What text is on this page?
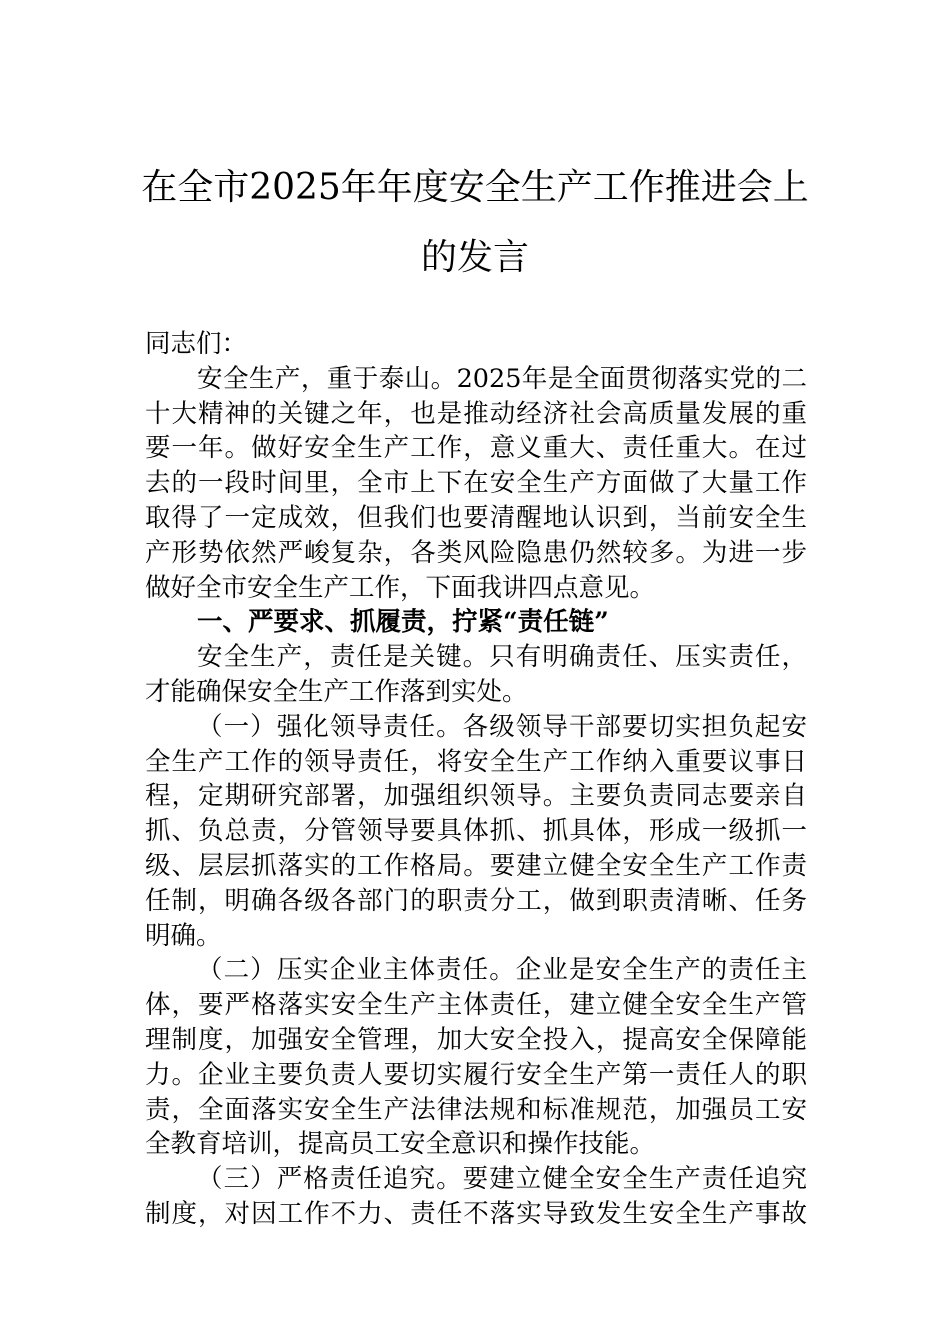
在全市2025年年度安全生产工作推进会上
的发言
同志们：
安全生产，重于泰山。2025年是全面贯彻落实党的二
十大精神的关键之年，也是推动经济社会高质量发展的重
要一年。做好安全生产工作，意义重大、责任重大。在过
去的一段时间里，全市上下在安全生产方面做了大量工作
取得了一定成效，但我们也要清醒地认识到，当前安全生
产形势依然严峻复杂，各类风险隐患仍然较多。为进一步
做好全市安全生产工作，下面我讲四点意见。
一、严要求、抓履责，拧紧“责任链”
安全生产，责任是关键。只有明确责任、压实责任，
才能确保安全生产工作落到实处。
（一）强化领导责任。各级领导干部要切实担负起安
全生产工作的领导责任，将安全生产工作纳入重要议事日
程，定期研究部署，加强组织领导。主要负责同志要亲自
抓、负总责，分管领导要具体抓、抓具体，形成一级抓一
级、层层抓落实的工作格局。要建立健全安全生产工作责
任制，明确各级各部门的职责分工，做到职责清晰、任务
明确。
（二）压实企业主体责任。企业是安全生产的责任主
体，要严格落实安全生产主体责任，建立健全安全生产管
理制度，加强安全管理，加大安全投入，提高安全保障能
力。企业主要负责人要切实履行安全生产第一责任人的职
责，全面落实安全生产法律法规和标准规范，加强员工安
全教育培训，提高员工安全意识和操作技能。
（三）严格责任追究。要建立健全安全生产责任追究
制度，对因工作不力、责任不落实导致发生安全生产事故
